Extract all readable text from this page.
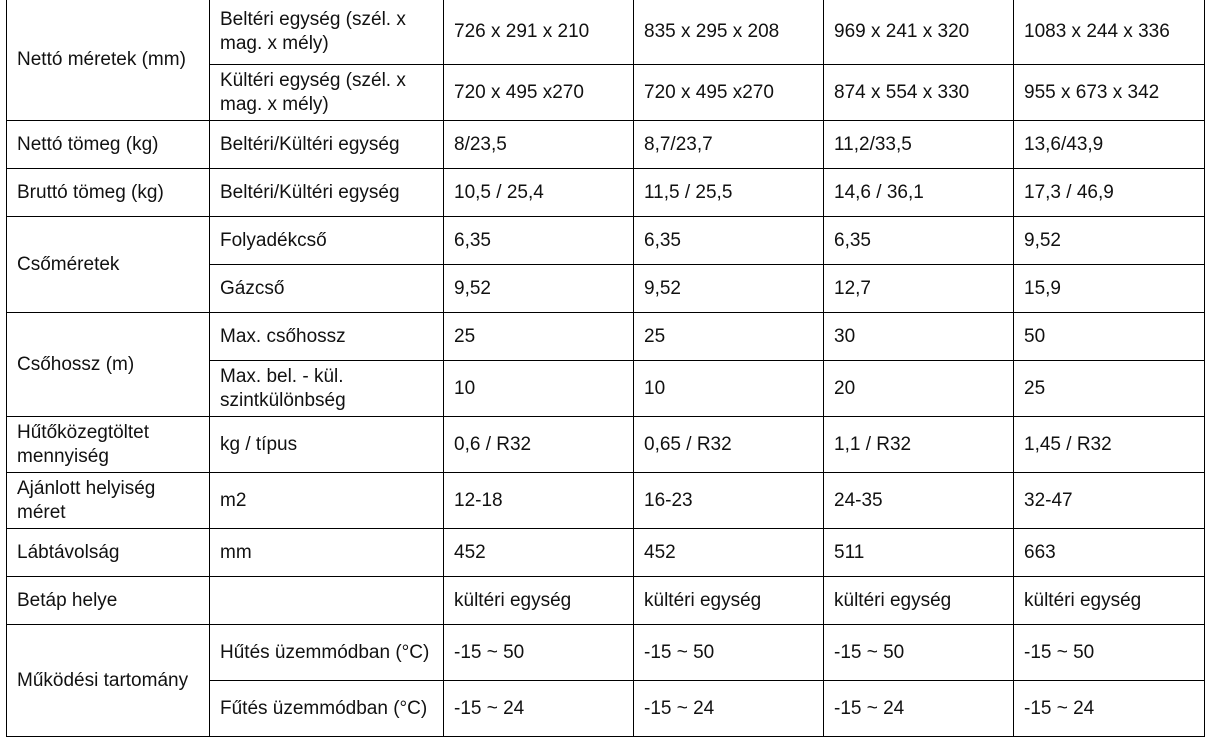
Nettó méretek (mm)	Beltéri egység (szél. x mag. x mély)	726 x 291 x 210	835 x 295 x 208	969 x 241 x 320	1083 x 244 x 336
	Kültéri egység (szél. x mag. x mély)	720 x 495 x270	720 x 495 x270	874 x 554 x 330	955 x 673 x 342
Nettó tömeg (kg)	Beltéri/Kültéri egység	8/23,5	8,7/23,7	11,2/33,5	13,6/43,9
Bruttó tömeg (kg)	Beltéri/Kültéri egység	10,5 / 25,4	11,5 / 25,5	14,6 / 36,1	17,3 / 46,9
Csőméretek	Folyadékcső	6,35	6,35	6,35	9,52
	Gázcső	9,52	9,52	12,7	15,9
Csőhossz (m)	Max. csőhossz	25	25	30	50
	Max. bel. - kül. szintkülönbség	10	10	20	25
Hűtőközegtöltet mennyiség	kg / típus	0,6 / R32	0,65 / R32	1,1 / R32	1,45 / R32
Ajánlott helyiség méret	m2	12-18	16-23	24-35	32-47
Lábtávolság	mm	452	452	511	663
Betáp helye		kültéri egység	kültéri egység	kültéri egység	kültéri egység
Működési tartomány	Hűtés üzemmódban (°C)	-15 ~ 50	-15 ~ 50	-15 ~ 50	-15 ~ 50
	Fűtés üzemmódban (°C)	-15 ~ 24	-15 ~ 24	-15 ~ 24	-15 ~ 24
